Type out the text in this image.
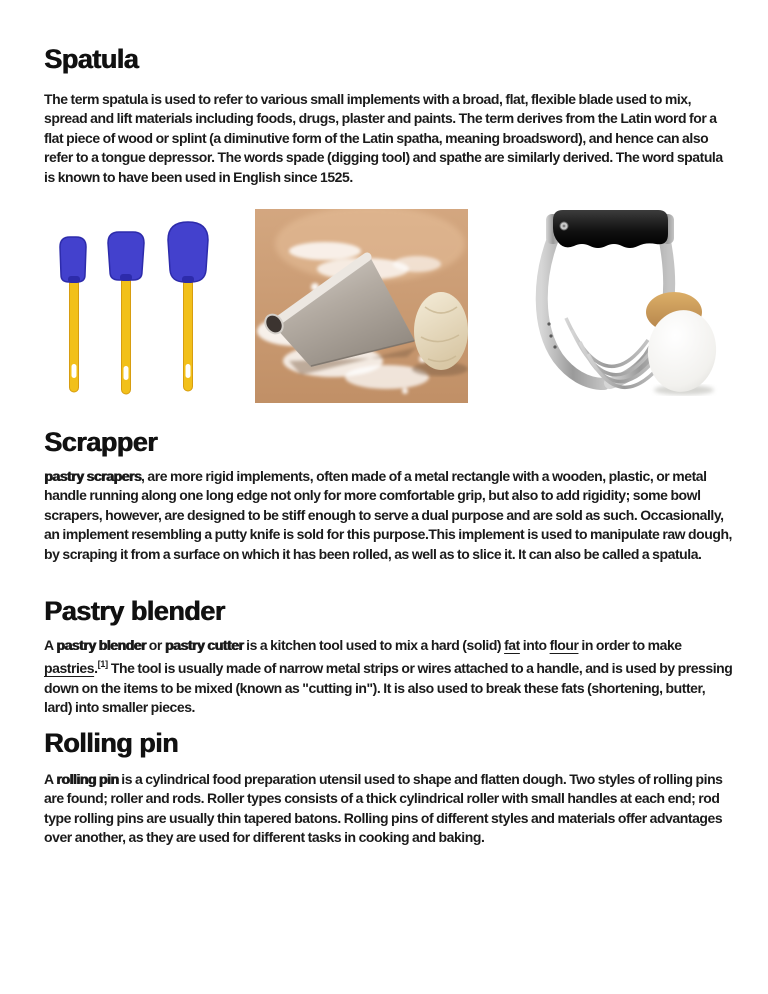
Spatula
The term spatula is used to refer to various small implements with a broad, flat, flexible blade used to mix, spread and lift materials including foods, drugs, plaster and paints. The term derives from the Latin word for a flat piece of wood or splint (a diminutive form of the Latin spatha, meaning broadsword), and hence can also refer to a tongue depressor. The words spade (digging tool) and spathe are similarly derived. The word spatula is known to have been used in English since 1525.
Scrapper
pastry scrapers, are more rigid implements, often made of a metal rectangle with a wooden, plastic, or metal handle running along one long edge not only for more comfortable grip, but also to add rigidity; some bowl scrapers, however, are designed to be stiff enough to serve a dual purpose and are sold as such. Occasionally, an implement resembling a putty knife is sold for this purpose.This implement is used to manipulate raw dough, by scraping it from a surface on which it has been rolled, as well as to slice it. It can also be called a spatula.
Pastry blender
A pastry blender or pastry cutter is a kitchen tool used to mix a hard (solid) fat into flour in order to make pastries.[1] The tool is usually made of narrow metal strips or wires attached to a handle, and is used by pressing down on the items to be mixed (known as "cutting in"). It is also used to break these fats (shortening, butter, lard) into smaller pieces.
Rolling pin
A rolling pin is a cylindrical food preparation utensil used to shape and flatten dough. Two styles of rolling pins are found; roller and rods. Roller types consists of a thick cylindrical roller with small handles at each end; rod type rolling pins are usually thin tapered batons. Rolling pins of different styles and materials offer advantages over another, as they are used for different tasks in cooking and baking.
